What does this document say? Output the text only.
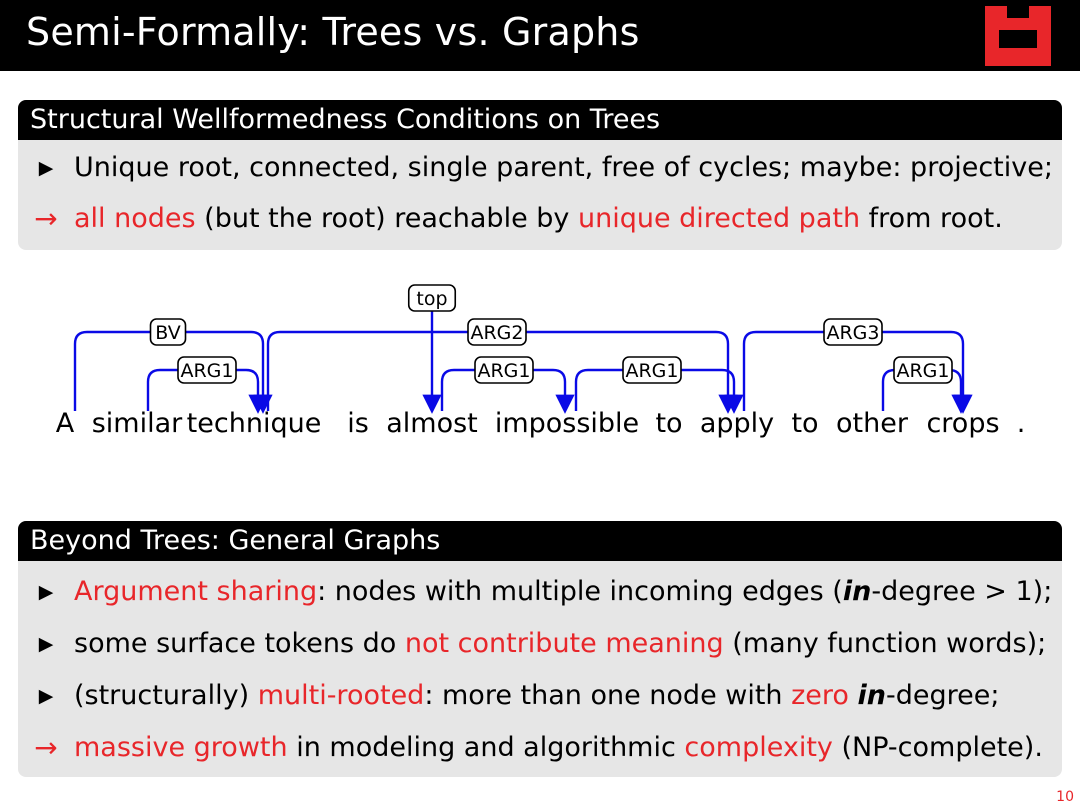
Semi-Formally: Trees vs. Graphs
Structural Wellformedness Conditions on Trees
▶ Unique root, connected, single parent, free of cycles; maybe: projective;
→ all nodes (but the root) reachable by unique directed path from root.
A similar technique is almost impossible to apply to other crops .
BV
ARG1
ARG2
ARG1	ARG1
ARG3
ARG1
top
Beyond Trees: General Graphs
▶ Argument sharing: nodes with multiple incoming edges (in-degree > 1);
▶ some surface tokens do not contribute meaning (many function words);
▶ (structurally) multi-rooted: more than one node with zero in-degree;
→ massive growth in modeling and algorithmic complexity (NP-complete).
10
